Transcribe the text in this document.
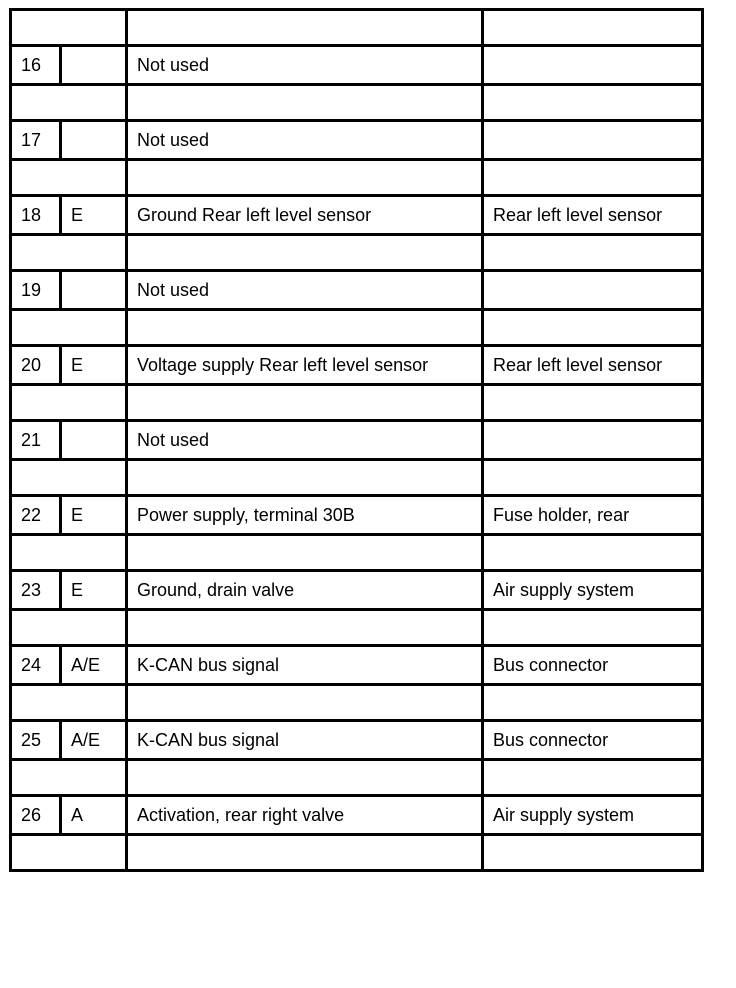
16		Not used	

17		Not used	

18	E	Ground Rear left level sensor	Rear left level sensor

19		Not used	

20	E	Voltage supply Rear left level sensor	Rear left level sensor

21		Not used	

22	E	Power supply, terminal 30B	Fuse holder, rear

23	E	Ground, drain valve	Air supply system

24	A/E	K-CAN bus signal	Bus connector

25	A/E	K-CAN bus signal	Bus connector

26	A	Activation, rear right valve	Air supply system
